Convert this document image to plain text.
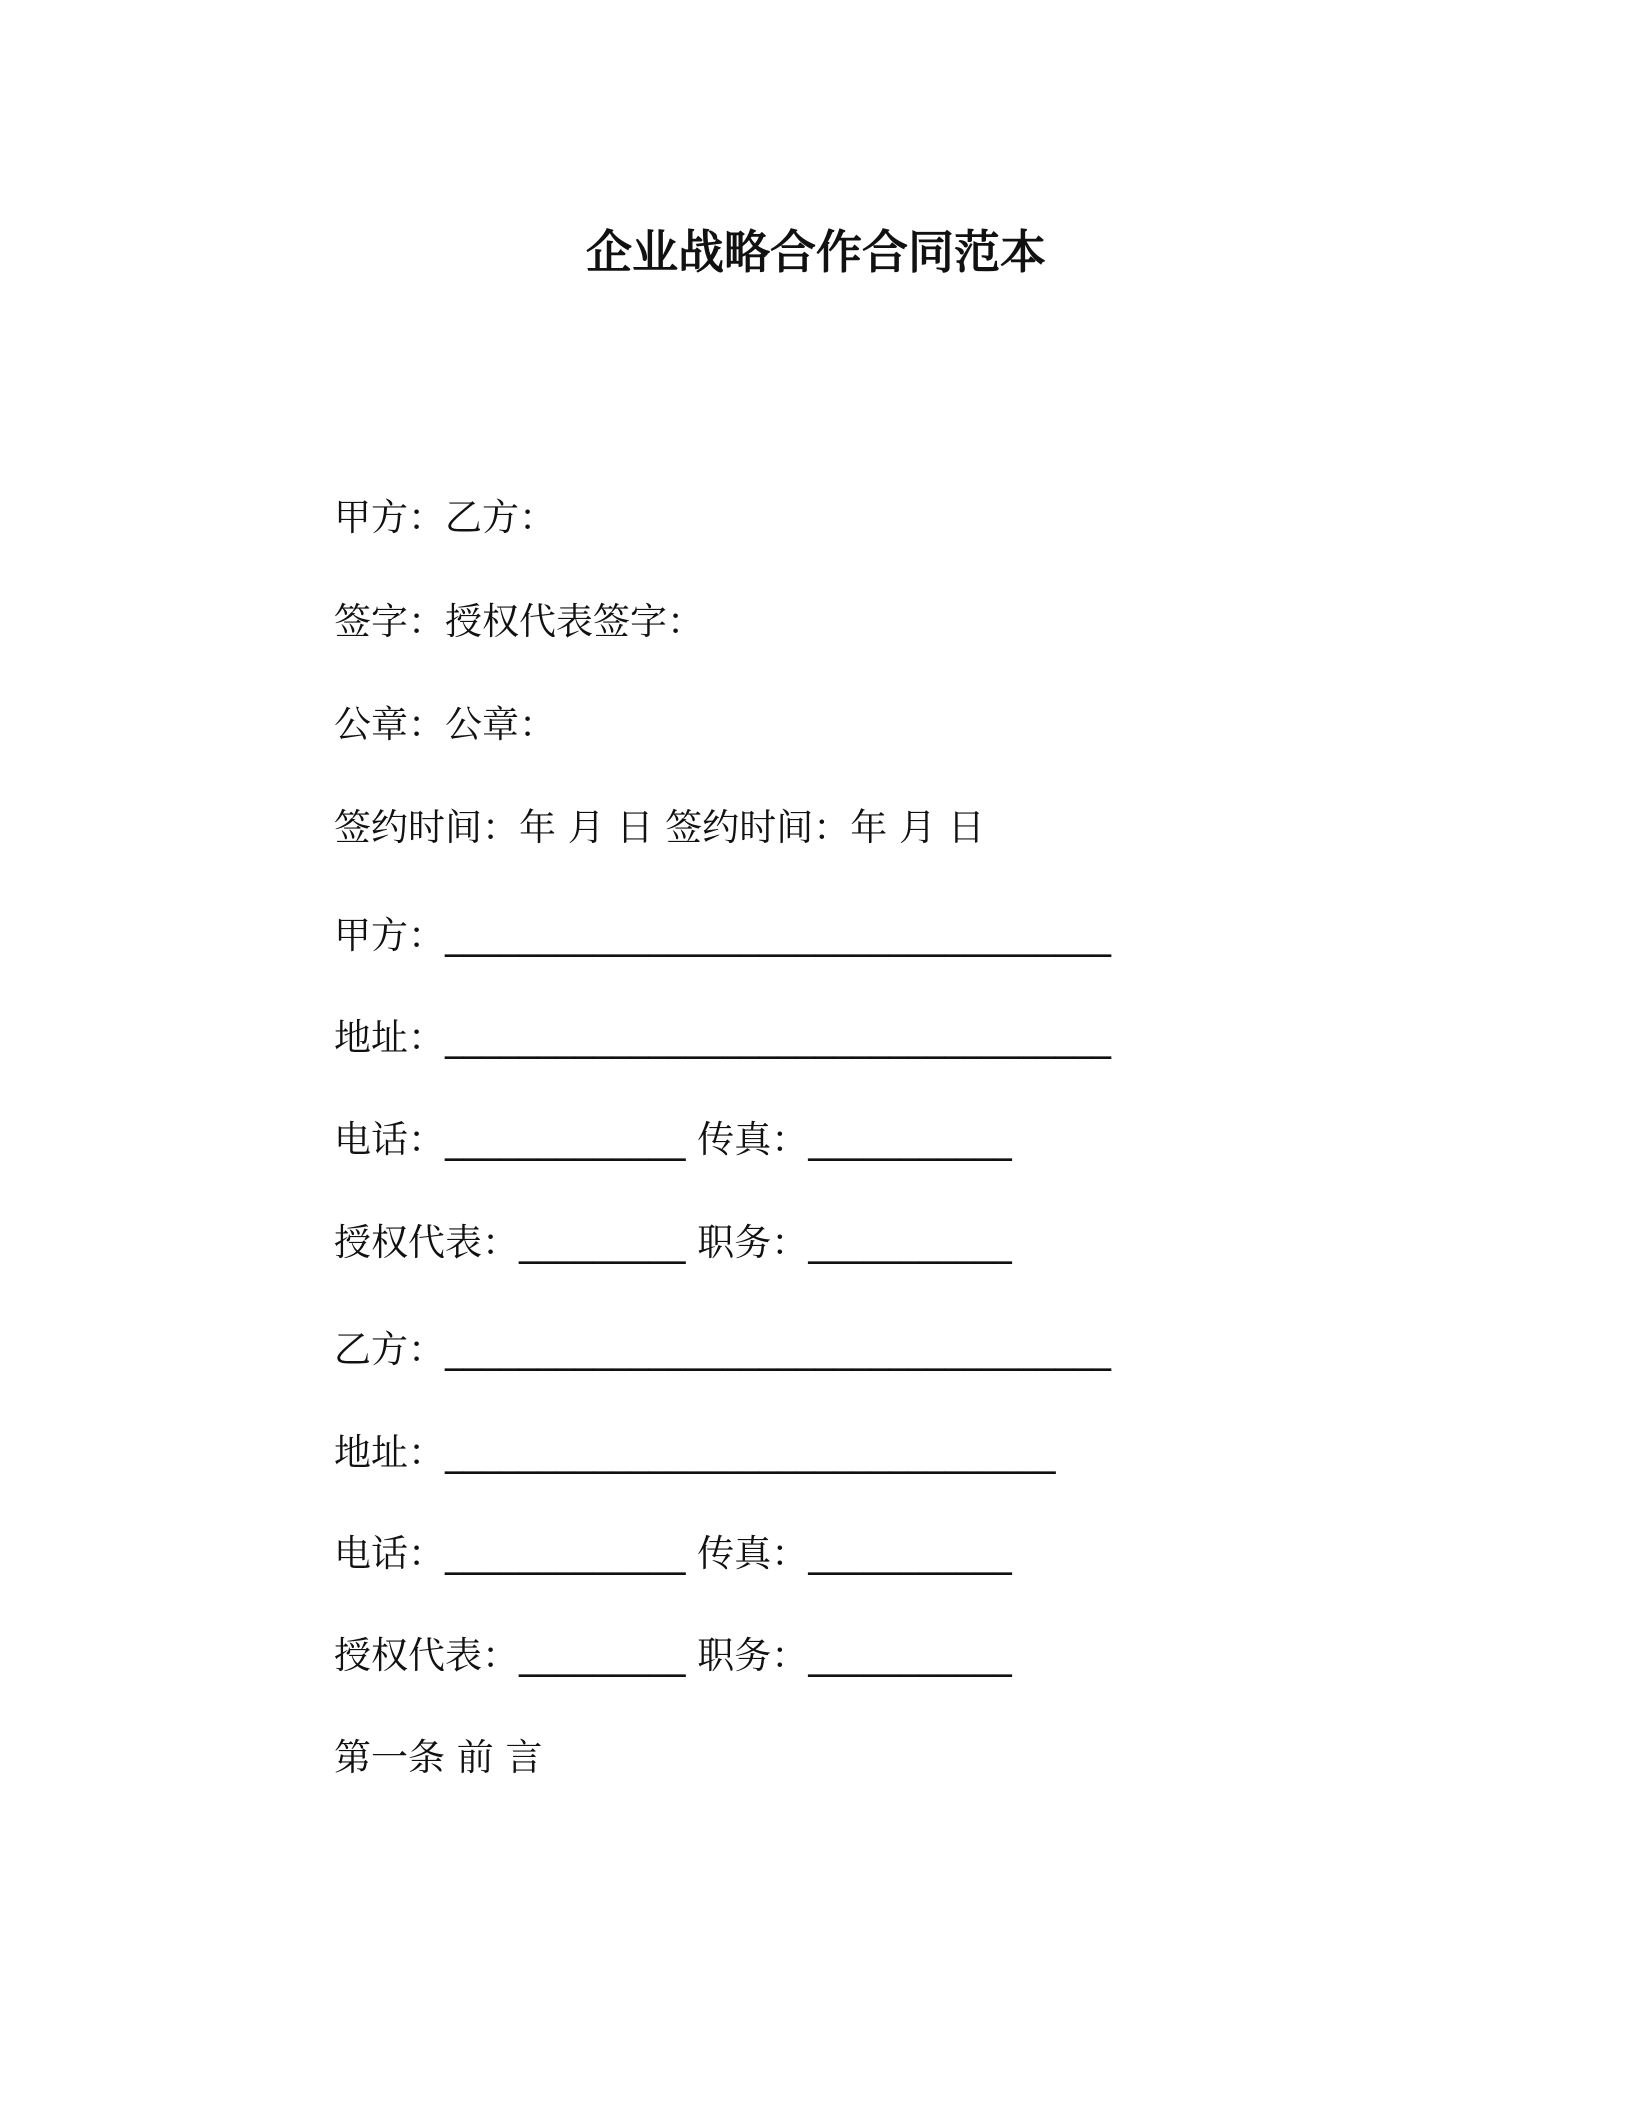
企业战略合作合同范本
甲方：乙方：
签字：授权代表签字：
公章：公章：
签约时间：年 月 日 签约时间：年 月 日
甲方：____________________________________
地址：____________________________________
电话：_____________ 传真：___________
授权代表：_________ 职务：___________
乙方：____________________________________
地址：_________________________________
电话：_____________ 传真：___________
授权代表：_________ 职务：___________
第一条 前 言
